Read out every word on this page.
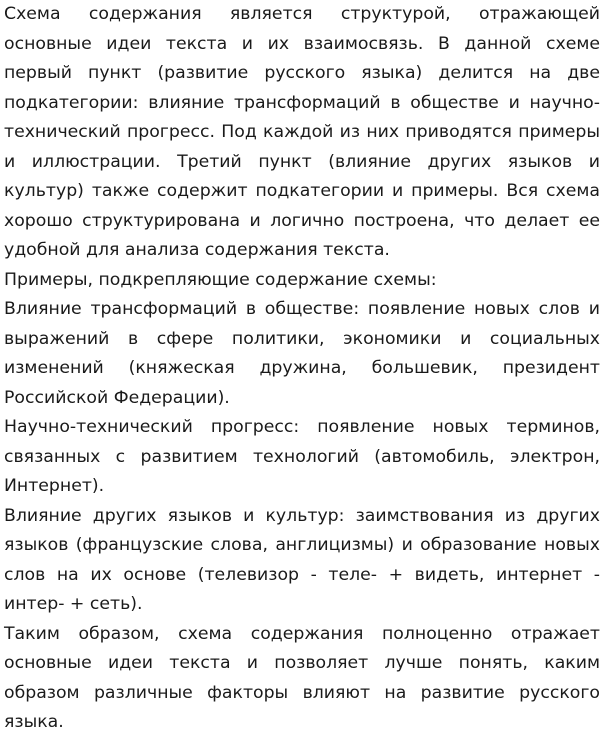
Схема содержания является структурой, отражающей основные идеи текста и их взаимосвязь. В данной схеме первый пункт (развитие русского языка) делится на две подкатегории: влияние трансформаций в обществе и научно-технический прогресс. Под каждой из них приводятся примеры и иллюстрации. Третий пункт (влияние других языков и культур) также содержит подкатегории и примеры. Вся схема хорошо структурирована и логично построена, что делает ее удобной для анализа содержания текста.

Примеры, подкрепляющие содержание схемы:

Влияние трансформаций в обществе: появление новых слов и выражений в сфере политики, экономики и социальных изменений (княжеская дружина, большевик, президент Российской Федерации).

Научно-технический прогресс: появление новых терминов, связанных с развитием технологий (автомобиль, электрон, Интернет).

Влияние других языков и культур: заимствования из других языков (французские слова, англицизмы) и образование новых слов на их основе (телевизор - теле- + видеть, интернет - интер- + сеть).

Таким образом, схема содержания полноценно отражает основные идеи текста и позволяет лучше понять, каким образом различные факторы влияют на развитие русского языка.
